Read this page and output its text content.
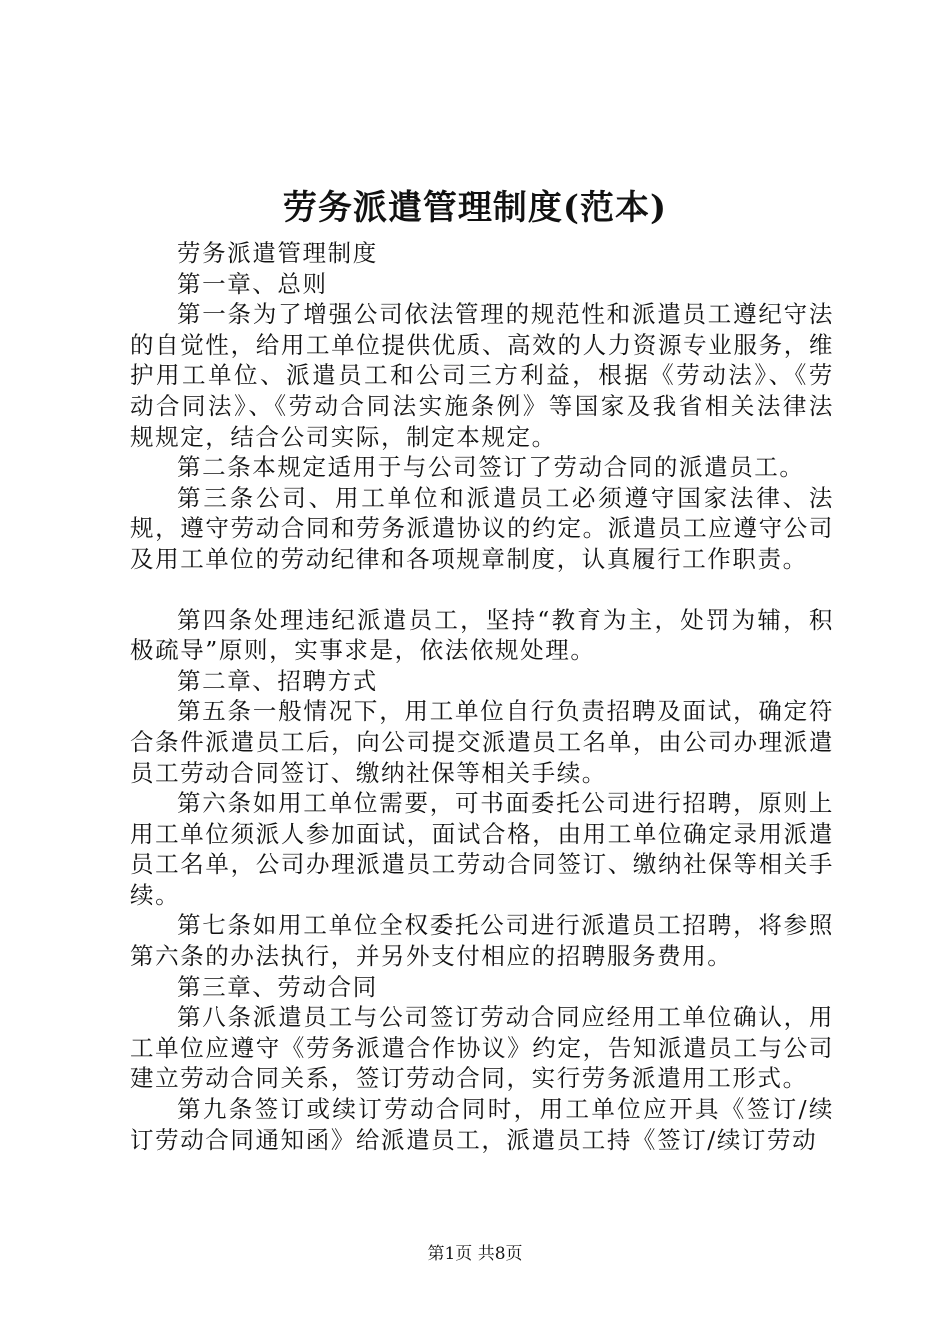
劳务派遣管理制度(范本)

劳务派遣管理制度

第一章、总则

第一条为了增强公司依法管理的规范性和派遣员工遵纪守法的自觉性，给用工单位提供优质、高效的人力资源专业服务，维护用工单位、派遣员工和公司三方利益，根据《劳动法》、《劳动合同法》、《劳动合同法实施条例》等国家及我省相关法律法规规定，结合公司实际，制定本规定。

第二条本规定适用于与公司签订了劳动合同的派遣员工。

第三条公司、用工单位和派遣员工必须遵守国家法律、法规，遵守劳动合同和劳务派遣协议的约定。派遣员工应遵守公司及用工单位的劳动纪律和各项规章制度，认真履行工作职责。

第四条处理违纪派遣员工，坚持“教育为主，处罚为辅，积极疏导”原则，实事求是，依法依规处理。

第二章、招聘方式

第五条一般情况下，用工单位自行负责招聘及面试，确定符合条件派遣员工后，向公司提交派遣员工名单，由公司办理派遣员工劳动合同签订、缴纳社保等相关手续。

第六条如用工单位需要，可书面委托公司进行招聘，原则上用工单位须派人参加面试，面试合格，由用工单位确定录用派遣员工名单，公司办理派遣员工劳动合同签订、缴纳社保等相关手续。

第七条如用工单位全权委托公司进行派遣员工招聘，将参照第六条的办法执行，并另外支付相应的招聘服务费用。

第三章、劳动合同

第八条派遣员工与公司签订劳动合同应经用工单位确认，用工单位应遵守《劳务派遣合作协议》约定，告知派遣员工与公司建立劳动合同关系，签订劳动合同，实行劳务派遣用工形式。

第九条签订或续订劳动合同时，用工单位应开具《签订/续订劳动合同通知函》给派遣员工，派遣员工持《签订/续订劳动

第1页 共8页
